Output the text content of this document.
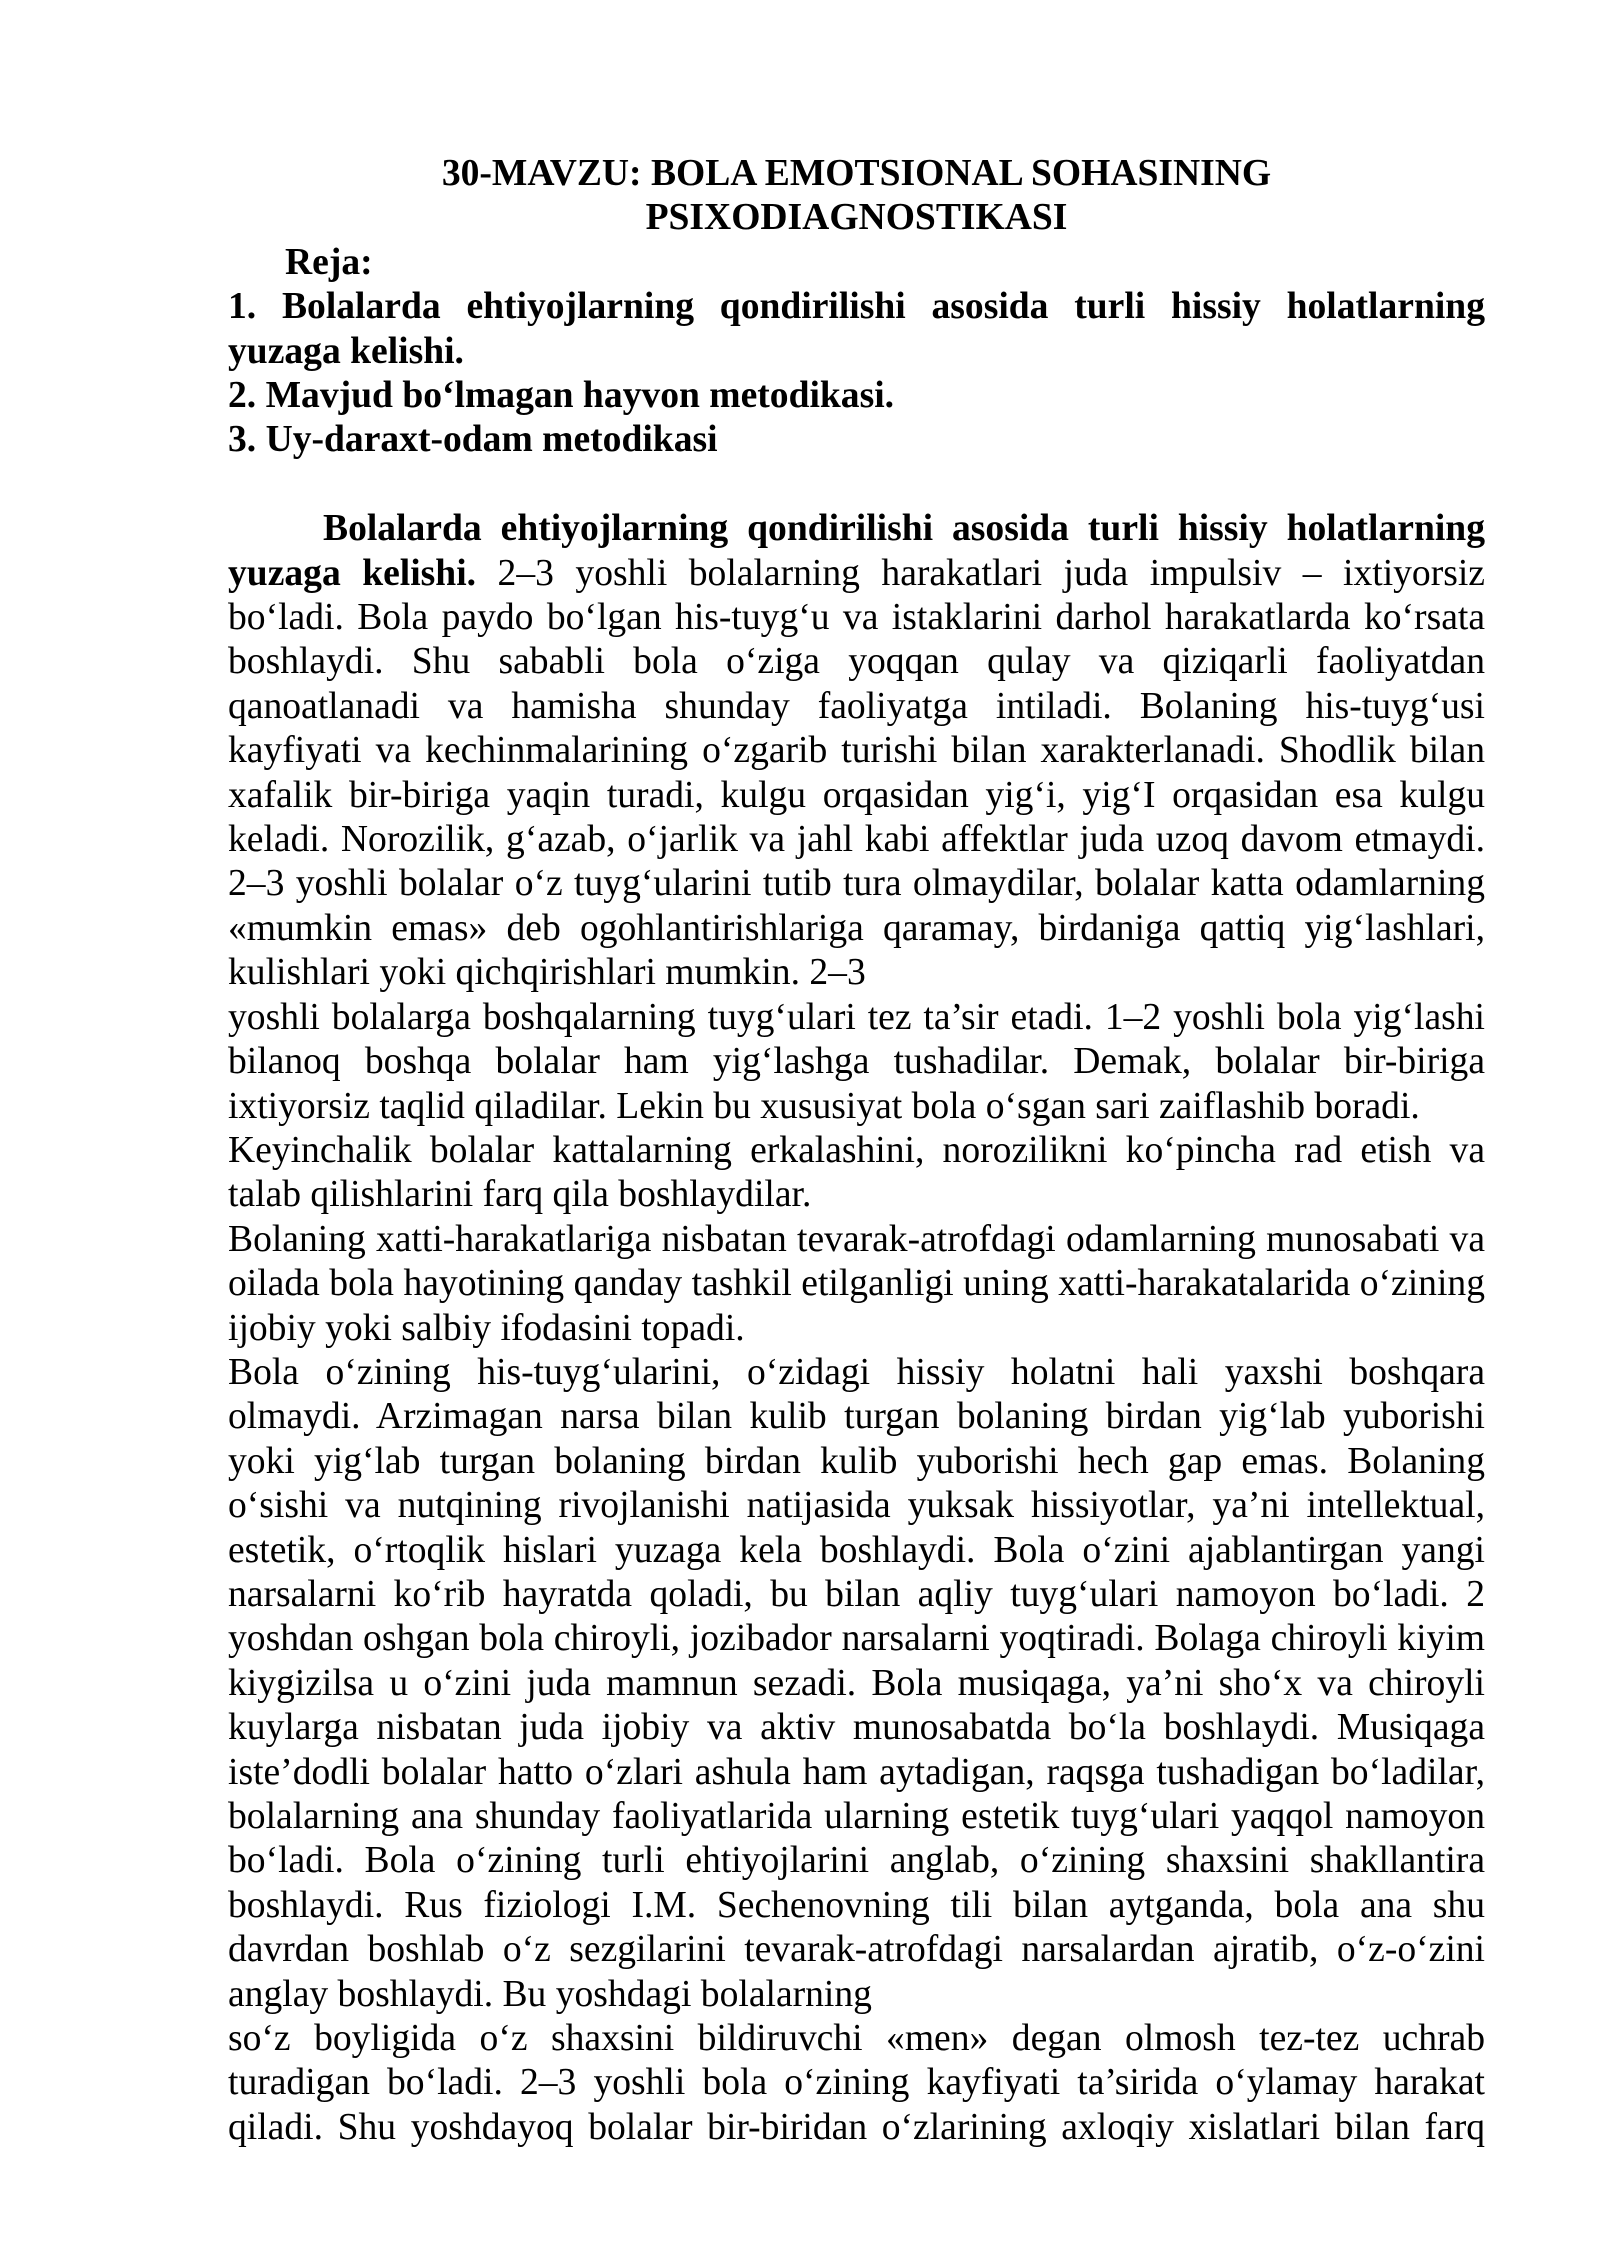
30-MAVZU: BOLA EMOTSIONAL SOHASINING
PSIXODIAGNOSTIKASI
Reja:

1. Bolalarda ehtiyojlarning qondirilishi asosida turli hissiy holatlarning yuzaga kelishi.

2. Mavjud boʻlmagan hayvon metodikasi.

3. Uy-daraxt-odam metodikasi

Bolalarda ehtiyojlarning qondirilishi asosida turli hissiy holatlarning yuzaga kelishi. 2–3 yoshli bolalarning harakatlari juda impulsiv – ixtiyorsiz boʻladi. Bola paydo boʻlgan his-tuygʻu va istaklarini darhol harakatlarda koʻrsata boshlaydi. Shu sababli bola oʻziga yoqqan qulay va qiziqarli faoliyatdan qanoatlanadi va hamisha shunday faoliyatga intiladi. Bolaning his-tuygʻusi kayfiyati va kechinmalarining oʻzgarib turishi bilan xarakterlanadi. Shodlik bilan xafalik bir-biriga yaqin turadi, kulgu orqasidan yigʻi, yigʻI orqasidan esa kulgu keladi. Norozilik, gʻazab, oʻjarlik va jahl kabi affektlar juda uzoq davom etmaydi. 2–3 yoshli bolalar oʻz tuygʻularini tutib tura olmaydilar, bolalar katta odamlarning «mumkin emas» deb ogohlantirishlariga qaramay, birdaniga qattiq yigʻlashlari, kulishlari yoki qichqirishlari mumkin. 2–3

yoshli bolalarga boshqalarning tuygʻulari tez ta’sir etadi. 1–2 yoshli bola yigʻlashi bilanoq boshqa bolalar ham yigʻlashga tushadilar. Demak, bolalar bir-biriga ixtiyorsiz taqlid qiladilar. Lekin bu xususiyat bola oʻsgan sari zaiflashib boradi.

Keyinchalik bolalar kattalarning erkalashini, norozilikni koʻpincha rad etish va talab qilishlarini farq qila boshlaydilar.

Bolaning xatti-harakatlariga nisbatan tevarak-atrofdagi odamlarning munosabati va oilada bola hayotining qanday tashkil etilganligi uning xatti-harakatalarida oʻzining ijobiy yoki salbiy ifodasini topadi.

Bola oʻzining his-tuygʻularini, oʻzidagi hissiy holatni hali yaxshi boshqara olmaydi. Arzimagan narsa bilan kulib turgan bolaning birdan yigʻlab yuborishi yoki yigʻlab turgan bolaning birdan kulib yuborishi hech gap emas. Bolaning oʻsishi va nutqining rivojlanishi natijasida yuksak hissiyotlar, ya’ni intellektual, estetik, oʻrtoqlik hislari yuzaga kela boshlaydi. Bola oʻzini ajablantirgan yangi narsalarni koʻrib hayratda qoladi, bu bilan aqliy tuygʻulari namoyon boʻladi. 2 yoshdan oshgan bola chiroyli, jozibador narsalarni yoqtiradi. Bolaga chiroyli kiyim kiygizilsa u oʻzini juda mamnun sezadi. Bola musiqaga, ya’ni shoʻx va chiroyli kuylarga nisbatan juda ijobiy va aktiv munosabatda boʻla boshlaydi. Musiqaga iste’dodli bolalar hatto oʻzlari ashula ham aytadigan, raqsga tushadigan boʻladilar, bolalarning ana shunday faoliyatlarida ularning estetik tuygʻulari yaqqol namoyon boʻladi. Bola oʻzining turli ehtiyojlarini anglab, oʻzining shaxsini shakllantira boshlaydi. Rus fiziologi I.M. Sechenovning tili bilan aytganda, bola ana shu davrdan boshlab oʻz sezgilarini tevarak-atrofdagi narsalardan ajratib, oʻz-oʻzini anglay boshlaydi. Bu yoshdagi bolalarning

soʻz boyligida oʻz shaxsini bildiruvchi «men» degan olmosh tez-tez uchrab turadigan boʻladi. 2–3 yoshli bola oʻzining kayfiyati ta’sirida oʻylamay harakat qiladi. Shu yoshdayoq bolalar bir-biridan oʻzlarining axloqiy xislatlari bilan farq
